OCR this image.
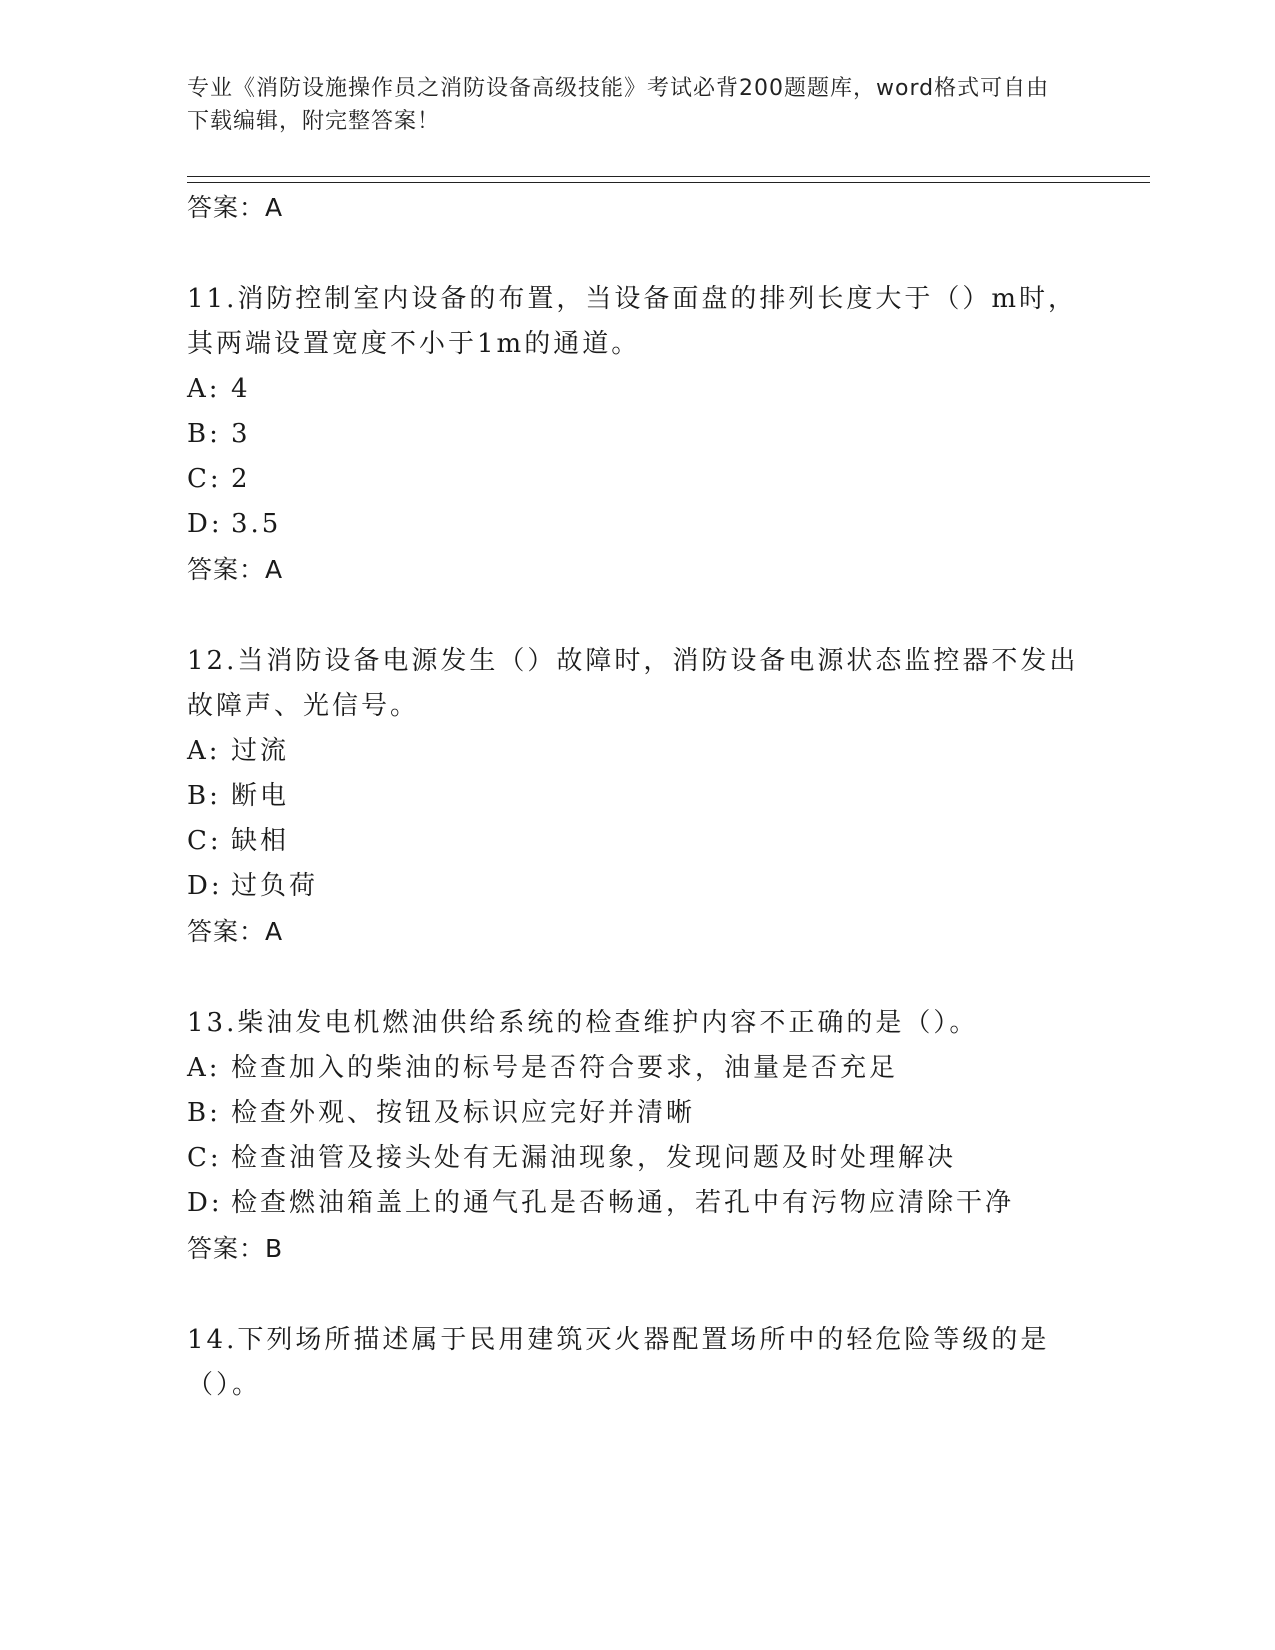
专业《消防设施操作员之消防设备高级技能》考试必背200题题库，word格式可自由下载编辑，附完整答案！
答案：A
11.消防控制室内设备的布置，当设备面盘的排列长度大于（）m时，其两端设置宽度不小于1m的通道。
A: 4
B: 3
C: 2
D: 3.5
答案：A
12.当消防设备电源发生（）故障时，消防设备电源状态监控器不发出故障声、光信号。
A: 过流
B: 断电
C: 缺相
D: 过负荷
答案：A
13.柴油发电机燃油供给系统的检查维护内容不正确的是（）。
A: 检查加入的柴油的标号是否符合要求，油量是否充足
B: 检查外观、按钮及标识应完好并清晰
C: 检查油管及接头处有无漏油现象，发现问题及时处理解决
D: 检查燃油箱盖上的通气孔是否畅通，若孔中有污物应清除干净
答案：B
14.下列场所描述属于民用建筑灭火器配置场所中的轻危险等级的是（）。
